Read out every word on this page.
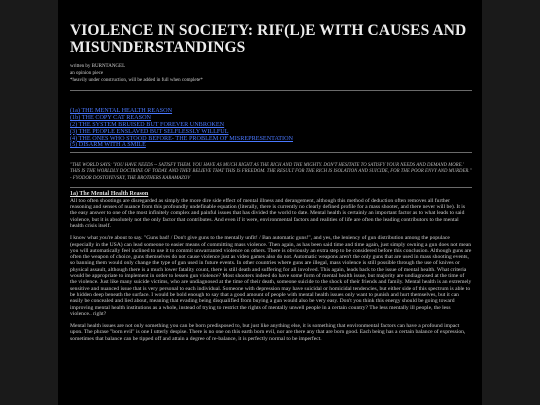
VIOLENCE IN SOCIETY: RIF(L)E WITH CAUSES AND MISUNDERSTANDINGS
written by BURNTANGEL
an opinion piece
*heavily under construction, will be added in full when complete*
(1a) THE MENTAL HEALTH REASON
(1b) THE COPY CAT REASON
(2) THE SYSTEM BRUISED BUT FOREVER UNBROKEN
(3) THE PEOPLE ENSLAVED BUT SELFLESSLY WILLFUL
(4) THE ONES WHO STOOD BEFORE- THE PROBLEM OF MISREPRESENTATION
(5) DISARM WITH A SMILE
"THE WORLD SAYS: 'YOU HAVE NEEDS -- SATISFY THEM. YOU HAVE AS MUCH RIGHT AS THE RICH AND THE MIGHTY. DON'T HESITATE TO SATISFY YOUR NEEDS AND DEMAND MORE.' THIS IS THE WORLDLY DOCTRINE OF TODAY. AND THEY BELIEVE THAT THIS IS FREEDOM. THE RESULT FOR THE RICH IS ISOLATION AND SUICIDE, FOR THE POOR ENVY AND MURDER." - FYODOR DOSTOYEVSKY, THE BROTHERS KARAMAZOV
1a) The Mental Health Reason

All too often shootings are disregarded as simply the more dire side effect of mental illness and derangement, although this method of deduction often removes all further reasoning and senses of nuance from this profoundly undefinable equation (literally, there is currently no clearly defined profile for a mass shooter, and there never will be). It is the easy answer to one of the most infinitely complex and painful issues that has divided the world to date. Mental health is certainly an important factor as to what leads to said violence, but it is absolutely not the only factor that contributes. And even if it were, environmental factors and realities of life are often the leading contributors to the mental health crisis itself.

I know what you're about to say. "Guns bad! / Don't give guns to the mentally unfit! / Ban automatic guns!", and yes, the leniency of gun distribution among the populace (especially in the USA) can lead someone to easier means of committing mass violence. Then again, as has been said time and time again, just simply owning a gun does not mean you will automatically feel inclined to use it to commit unwarranted violence on others. There is obviously an extra step to be considered before this conclusion. Although guns are often the weapon of choice, guns themselves do not cause violence just as video games also do not. Automatic weapons aren't the only guns that are used in mass shooting events, so banning them would only change the type of gun used in future events. In other countries where guns are illegal, mass violence is still possible through the use of knives or physical assault, although there is a much lower fatality count, there is still death and suffering for all involved. This again, leads back to the issue of mental health. What criteria would be appropriate to implement in order to lessen gun violence? Most shooters indeed do have some form of mental health issue, but majority are undiagnosed at the time of the violence. Just like many suicide victims, who are undiagnosed at the time of their death, someone suicide to the shock of their friends and family. Mental health is an extremely sensitive and nuanced issue that is very personal to each individual. Someone with depression may have suicidal or homicidal tendencies, but either side of this spectrum is able to be hidden deep beneath the surface. I would be bold enough to say that a good amount of people with mental health issues only want to punish and hurt themselves, but it can easily be concealed and lied about, meaning that evading being disqualified from buying a gun would also be very easy. Don't you think this energy should be going toward improving mental health institutions as a whole, instead of trying to restrict the rights of mentally unwell people in a certain country? The less mentally ill people, the less violence.. right?

Mental health issues are not only something you can be born predisposed to, but just like anything else, it is something that environmental factors can have a profound impact upon. The phrase "born evil" is one I utterly despise. There is no one on this earth born evil, nor are there any that are born good. Each being has a certain balance of expression, sometimes that balance can be tipped off and attain a degree of re-balance, it is perfectly normal to be imperfect.
